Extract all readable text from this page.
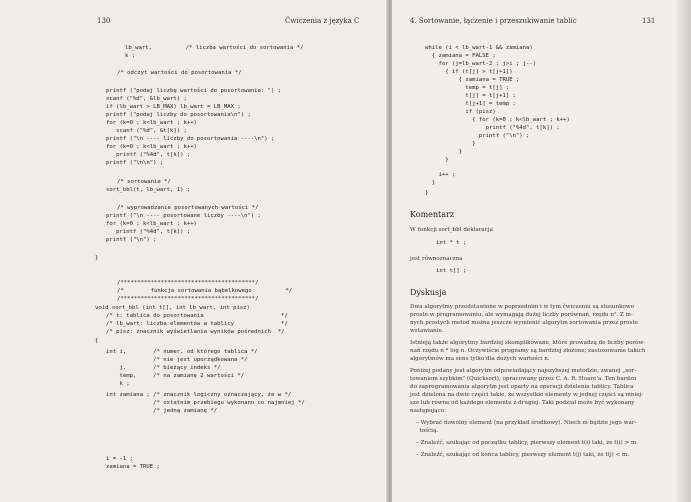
130	Ćwiczenia z języka C
lb_wart,          /* liczba wartości do sortowania */
k ;
/* odczyt wartości do posortowania */
printf ("podaj liczbę wartości do posortowania: ") ;
scanf ("%d", &lb_wart) ;
if (lb_wart > LB_MAX) lb_wart = LB_MAX ;
printf ("podaj liczby do posortowania\n") ;
for (k=0 ; k<lb_wart ; k++)
scanf ("%d", &t[k]) ;
printf ("\n ---- liczby do posortowania ----\n") ;
for (k=0 ; k<lb_wart ; k++)
printf ("%4d", t[k]) ;
printf ("\n\n") ;
/* sortowanie */
sort_bbl(t, lb_wart, 1) ;
/* wyprowadzanie posortowanych wartości */
printf ("\n ---- posortowane liczby ----\n") ;
for (k=0 ; k<lb_wart ; k++)
printf ("%4d", t[k]) ;
printf ("\n") ;
}
/****************************************/
/*        funkcja sortowania bąbelkowego          */
/****************************************/
void sort_bbl (int t[], int lb_wart, int pisz)
/* t: tablica do posortowania                       */
/* lb_wart: liczba elementów w tablicy              */
/* pisz: znacznik wyświetlania wyników pośrednich  */
{
int i,        /* numer, od którego tablica */
/* nie jest uporządkowana */
j,        /* bieżący indeks */
temp,     /* na zamianę 2 wartości */
k ;
int zamiana ; /* znacznik logiczny oznaczający, że w */
/* ostatnim przebiegu wykonano co najmniej */
/* jedną zamianę */
i = -1 ;
zamiana = TRUE ;
4. Sortowanie, łączenie i przeszukiwanie tablic	131
while (i < lb_wart-1 && zamiana)
{ zamiana = FALSE ;
for (j=lb_wart-2 ; j>i ; j--)
{ if (t[j] > t[j+1])
{ zamiana = TRUE ;
temp = t[j] ;
t[j] = t[j+1] ;
t[j+1] = temp ;
if (pisz)
{ for (k=0 ; k<lb_wart ; k++)
printf ("%4d", t[k]) ;
printf ("\n") ;
}
}
}
i++ ;
}
}
int * t ;
int t[] ;
Komentarz
Dyskusja
W funkcji sort_bbl deklaracja
jest równoznaczna
Dwa algorytmy przedstawione w poprzednim i w tym ćwiczeniu są stosunkowo
proste w programowaniu, ale wymagają dużej liczby porównań, rzędu n². Z in-
nych prostych metod można jeszcze wymienić algorytm sortowania przez proste
wstawianie.
Istnieją także algorytmy bardziej skomplikowane, które prowadzą do liczby porów-
nań rzędu n * log n. Oczywiście programy są bardziej złożone; zastosowanie takich
algorytmów ma sens tylko dla dużych wartości n.
Poniżej podany jest algorytm odpowiadający najszybszej metodzie, zwanej „sor-
towaniem szybkim" (Quicksort), opracowany przez C. A. R. Hoare'a. Ten bardzo
do zaprogramowania algorytm jest oparty na operacji dzielenia tablicy. Tablica
jest dzielona na dwie części takie, że wszystkie elementy w jednej części są mniej-
sze lub równe od każdego elementu z drugiej. Taki podział może być wykonany
następująco:
– Wybrać dowolny element (na przykład środkowy). Niech m będzie jego war-
tością.
– Znaleźć, szukając od początku tablicy, pierwszy element t(i) taki, że t(i) > m.
– Znaleźć, szukając od końca tablicy, pierwszy element t(j) taki, że t(j) < m.
